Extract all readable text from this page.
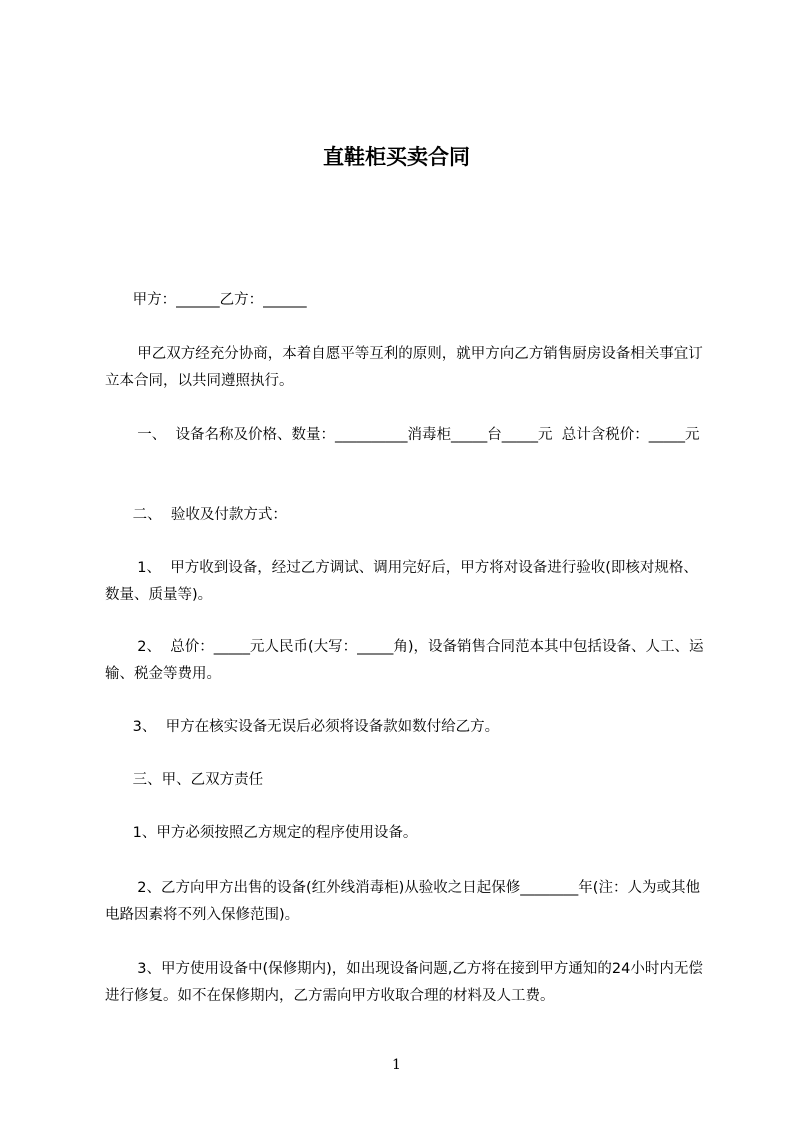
直鞋柜买卖合同
甲方：______乙方：______
甲乙双方经充分协商，本着自愿平等互利的原则，就甲方向乙方销售厨房设备相关事宜订立本合同，以共同遵照执行。
一、  设备名称及价格、数量：__________消毒柜_____台_____元  总计含税价：_____元
二、  验收及付款方式：
1、  甲方收到设备，经过乙方调试、调用完好后，甲方将对设备进行验收(即核对规格、数量、质量等)。
2、  总价：_____元人民币(大写：_____角)，设备销售合同范本其中包括设备、人工、运输、税金等费用。
3、  甲方在核实设备无误后必须将设备款如数付给乙方。
三、甲、乙双方责任
1、甲方必须按照乙方规定的程序使用设备。
2、乙方向甲方出售的设备(红外线消毒柜)从验收之日起保修________年(注：人为或其他电路因素将不列入保修范围)。
3、甲方使用设备中(保修期内)，如出现设备问题,乙方将在接到甲方通知的24小时内无偿进行修复。如不在保修期内，乙方需向甲方收取合理的材料及人工费。
1
